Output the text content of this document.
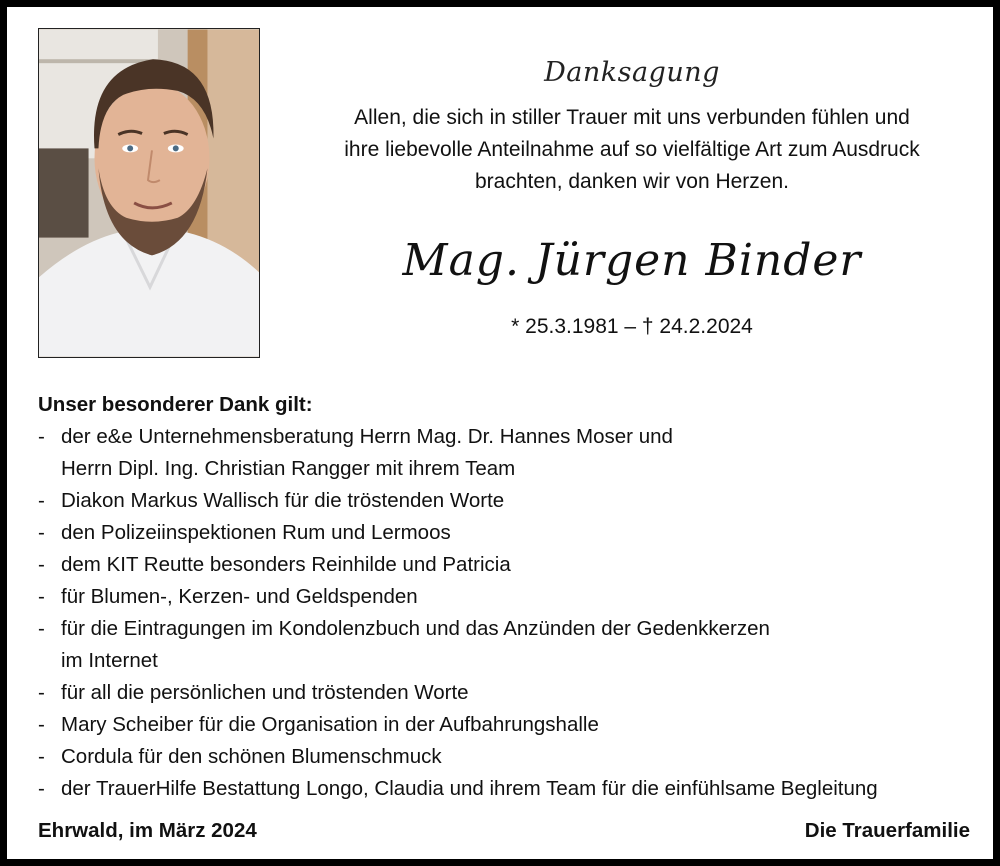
Danksagung
Allen, die sich in stiller Trauer mit uns verbunden fühlen und
ihre liebevolle Anteilnahme auf so vielfältige Art zum Ausdruck
brachten, danken wir von Herzen.
Mag. Jürgen Binder
* 25.3.1981 – † 24.2.2024
Unser besonderer Dank gilt:
- der e&e Unternehmensberatung Herrn Mag. Dr. Hannes Moser und
Herrn Dipl. Ing. Christian Rangger mit ihrem Team
- Diakon Markus Wallisch für die tröstenden Worte
- den Polizeiinspektionen Rum und Lermoos
- dem KIT Reutte besonders Reinhilde und Patricia
- für Blumen-, Kerzen- und Geldspenden
- für die Eintragungen im Kondolenzbuch und das Anzünden der Gedenkkerzen
im Internet
- für all die persönlichen und tröstenden Worte
- Mary Scheiber für die Organisation in der Aufbahrungshalle
- Cordula für den schönen Blumenschmuck
- der TrauerHilfe Bestattung Longo, Claudia und ihrem Team für die einfühlsame Begleitung
Ehrwald, im März 2024	Die Trauerfamilie
